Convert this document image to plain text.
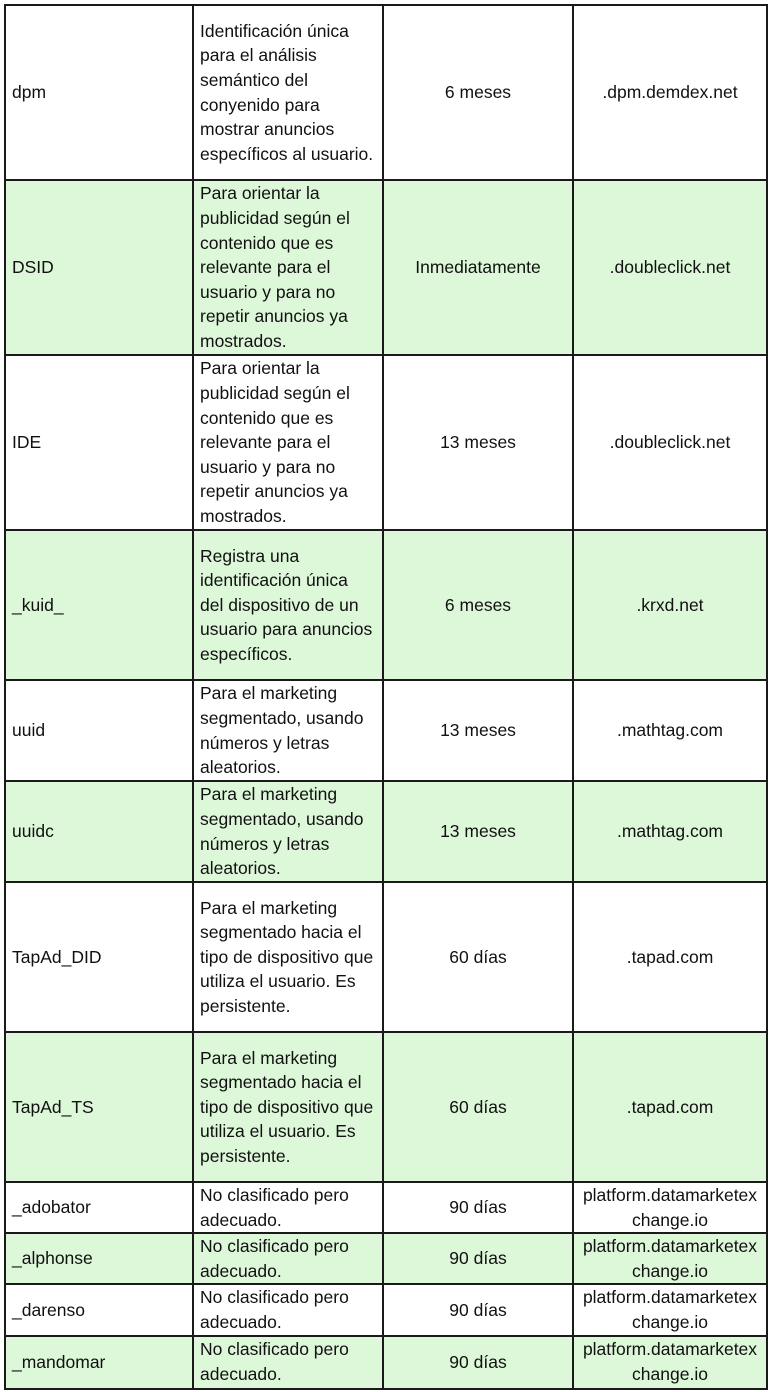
dpm	Identificación única para el análisis semántico del conyenido para mostrar anuncios específicos al usuario.	6 meses	.dpm.demdex.net
DSID	Para orientar la publicidad según el contenido que es relevante para el usuario y para no repetir anuncios ya mostrados.	Inmediatamente	.doubleclick.net
IDE	Para orientar la publicidad según el contenido que es relevante para el usuario y para no repetir anuncios ya mostrados.	13 meses	.doubleclick.net
_kuid_	Registra una identificación única del dispositivo de un usuario para anuncios específicos.	6 meses	.krxd.net
uuid	Para el marketing segmentado, usando números y letras aleatorios.	13 meses	.mathtag.com
uuidc	Para el marketing segmentado, usando números y letras aleatorios.	13 meses	.mathtag.com
TapAd_DID	Para el marketing segmentado hacia el tipo de dispositivo que utiliza el usuario. Es persistente.	60 días	.tapad.com
TapAd_TS	Para el marketing segmentado hacia el tipo de dispositivo que utiliza el usuario. Es persistente.	60 días	.tapad.com
_adobator	No clasificado pero adecuado.	90 días	platform.datamarketexchange.io
_alphonse	No clasificado pero adecuado.	90 días	platform.datamarketexchange.io
_darenso	No clasificado pero adecuado.	90 días	platform.datamarketexchange.io
_mandomar	No clasificado pero adecuado.	90 días	platform.datamarketexchange.io
